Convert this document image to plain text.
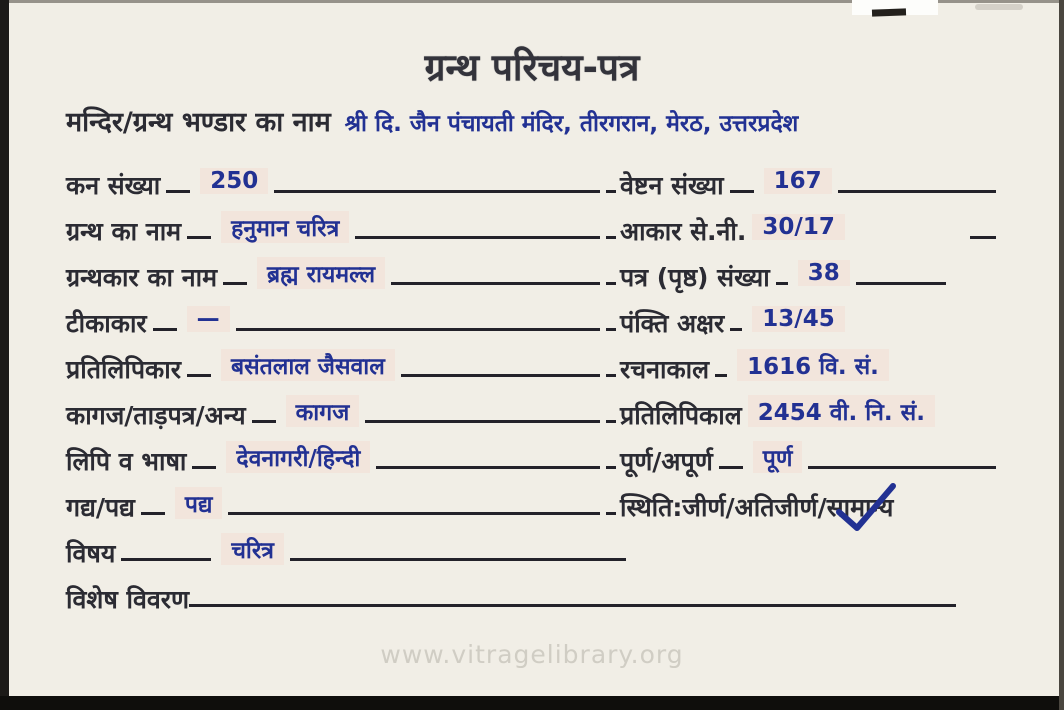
ग्रन्थ परिचय-पत्र
मन्दिर/ग्रन्थ भण्डार का नाम श्री दि. जैन पंचायती मंदिर, तीरगरान, मेरठ, उत्तरप्रदेश
कन संख्या	250
ग्रन्थ का नाम	हनुमान चरित्र
ग्रन्थकार का नाम	ब्रह्म रायमल्ल
टीकाकार	—
प्रतिलिपिकार	बसंतलाल जैसवाल
कागज/ताड़पत्र/अन्य	कागज
लिपि व भाषा	देवनागरी/हिन्दी
गद्य/पद्य	पद्य
विषय	चरित्र
विशेष विवरण
वेष्टन संख्या	167
आकार से.नी. 30/17
पत्र (पृष्ठ) संख्या	38
पंक्ति अक्षर	13/45
रचनाकाल	1616 वि. सं.
प्रतिलिपिकाल 2454 वी. नि. सं.
पूर्ण/अपूर्ण	पूर्ण
स्थिति:जीर्ण/अतिजीर्ण/ सामान्य
www.vitragelibrary.org
